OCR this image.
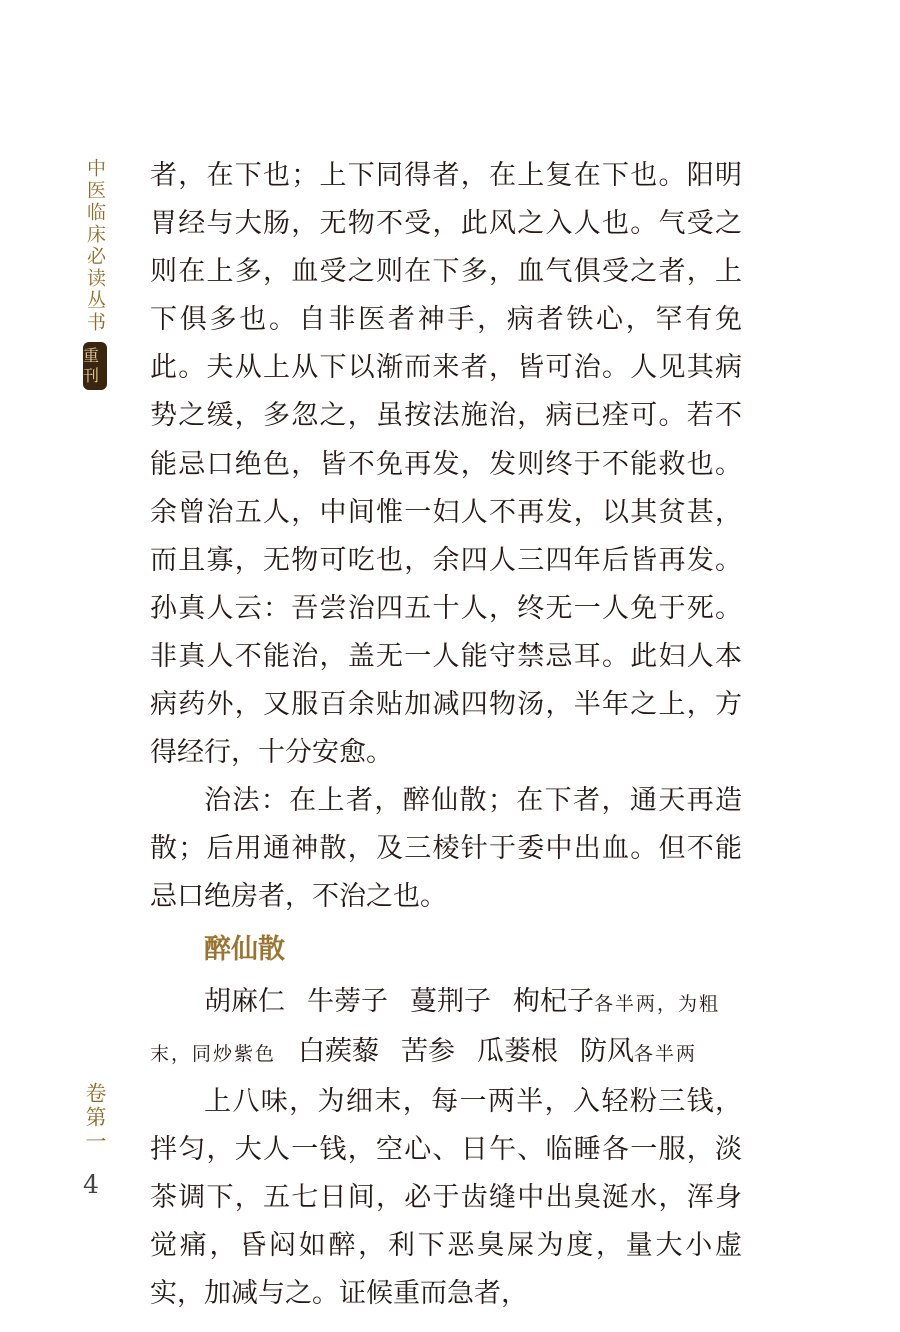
中医临床必读丛书
重刊
卷第一
4

者，在下也；上下同得者，在上复在下也。阳明胃经与大肠，无物不受，此风之入人也。气受之则在上多，血受之则在下多，血气俱受之者，上下俱多也。自非医者神手，病者铁心，罕有免此。夫从上从下以渐而来者，皆可治。人见其病势之缓，多忽之，虽按法施治，病已痊可。若不能忌口绝色，皆不免再发，发则终于不能救也。余曾治五人，中间惟一妇人不再发，以其贫甚，而且寡，无物可吃也，余四人三四年后皆再发。孙真人云：吾尝治四五十人，终无一人免于死。非真人不能治，盖无一人能守禁忌耳。此妇人本病药外，又服百余贴加减四物汤，半年之上，方得经行，十分安愈。

治法：在上者，醉仙散；在下者，通天再造散；后用通神散，及三棱针于委中出血。但不能忌口绝房者，不治之也。

醉仙散

胡麻仁 牛蒡子 蔓荆子 枸杞子各半两，为粗末，同炒紫色 白蒺藜 苦参 瓜蒌根 防风各半两

上八味，为细末，每一两半，入轻粉三钱，拌匀，大人一钱，空心、日午、临睡各一服，淡茶调下，五七日间，必于齿缝中出臭涎水，浑身觉痛，昏闷如醉，利下恶臭屎为度，量大小虚实，加减与之。证候重而急者，
